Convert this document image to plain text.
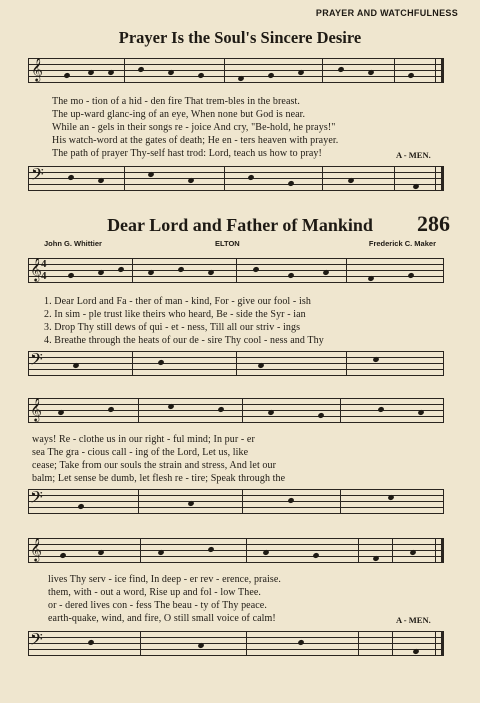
PRAYER AND WATCHFULNESS

Prayer Is the Soul's Sincere Desire

𝄞

The mo - tion of a hid - den fire That trem-bles in the breast.

The up-ward glanc-ing of an eye, When none but God is near.

While an - gels in their songs re - joice And cry, "Be-hold, he prays!"

His watch-word at the gates of death; He en - ters heaven with prayer.

The path of prayer Thy-self hast trod: Lord, teach us how to pray!	A - MEN.

𝄢

Dear Lord and Father of Mankind	286

John G. Whittier	ELTON	Frederick C. Maker

𝄞 4
4

1. Dear Lord and Fa - ther of man - kind, For - give our fool - ish

2. In sim - ple trust like theirs who heard, Be - side the Syr - ian

3. Drop Thy still dews of qui - et - ness, Till all our striv - ings

4. Breathe through the heats of our de - sire Thy cool - ness and Thy

𝄢
𝄞

ways! Re - clothe us in our right - ful mind; In pur - er

sea The gra - cious call - ing of the Lord, Let us, like

cease; Take from our souls the strain and stress, And let our

balm; Let sense be dumb, let flesh re - tire; Speak through the

𝄢
𝄞

lives Thy serv - ice find, In deep - er rev - erence, praise.

them, with - out a word, Rise up and fol - low Thee.

or - dered lives con - fess The beau - ty of Thy peace.

earth-quake, wind, and fire, O still small voice of calm!	A - MEN.

𝄢
